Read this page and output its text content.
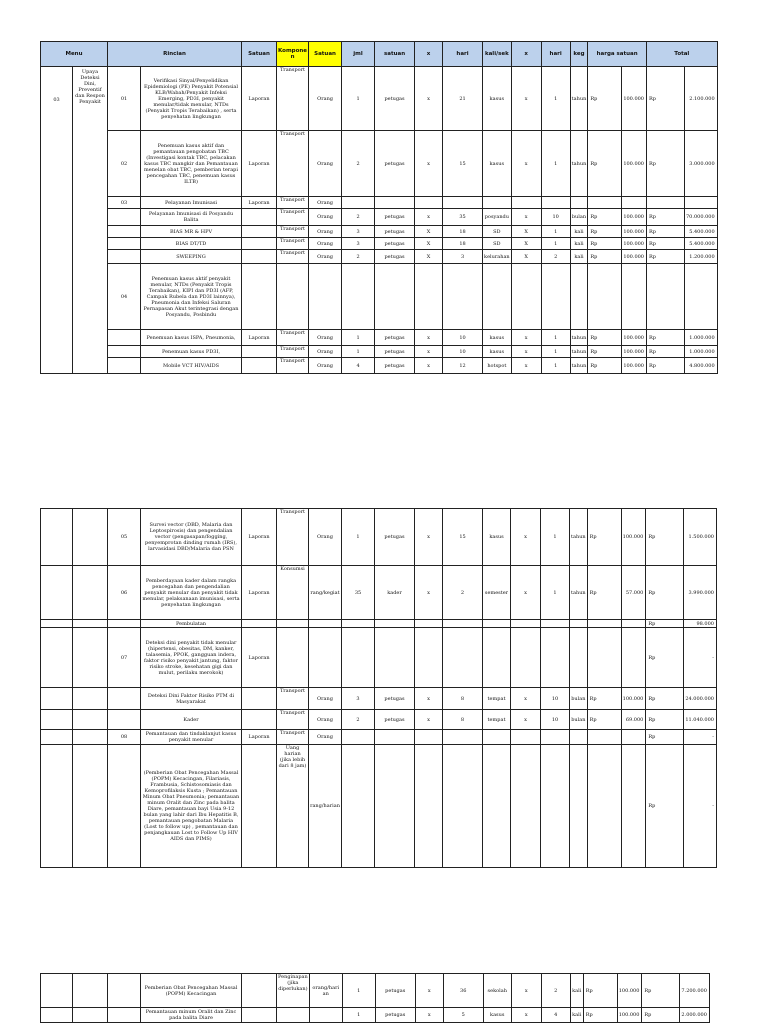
Menu		Rincian		Satuan	Kompone n	Satuan	jml	satuan	x	hari	kali/sek	x	hari	keg	harga satuan		Total	
03	Upaya Deteksi Dini, Preventif dan Respon Penyakit	01	Verifikasi Sinyal/Penyelidikan Epidemiologi (PE) Penyakit Potensial KLB/Wabah/Penyakit Infeksi Emerging, PD3I, penyakit menular/tidak menular, NTDs (Penyakit Tropis Terabaikan) , serta penyehatan lingkungan	Laporan	Transport	Orang	1	petugas	x	21	kasus	x	1	tahun	Rp	100.000	Rp	2.100.000
		02	Penemuan kasus aktif dan pemantauan pengobatan TBC (Investigasi kontak TBC, pelacakan kasus TBC mangkir dan Pemantauan menelan obat TBC, pemberian terapi pencegahan TBC, penemuan kasus ILTB)	Laporan	Transport	Orang	2	petugas	x	15	kasus	x	1	tahun	Rp	100.000	Rp	3.000.000
		03	Pelayanan Imunisasi	Laporan	Transport	Orang												
			Pelayanan Imunisasi di Posyandu Balita		Transport	Orang	2	petugas	x	35	posyandu	x	10	bulan	Rp	100.000	Rp	70.000.000
			BIAS MR & HPV		Transport	Orang	3	petugas	X	18	SD	X	1	kali	Rp	100.000	Rp	5.400.000
			BIAS DT/TD		Transport	Orang	3	petugas	X	18	SD	X	1	kali	Rp	100.000	Rp	5.400.000
			SWEEPING		Transport	Orang	2	petugas	X	3	kelurahan	X	2	kali	Rp	100.000	Rp	1.200.000
		04	Penemuan kasus aktif penyakit menular, NTDs (Penyakit Tropis Terabaikan), KIPI dan PD3I (AFP, Campak Rubela dan PD3I lainnya), Pneumonia dan Infeksi Saluran Pernapasan Akut terintegrasi dengan Posyandu, Posbindu															
			Penemuan kasus ISPA, Pneumonia,	Laporan	Transport	Orang	1	petugas	x	10	kasus	x	1	tahun	Rp	100.000	Rp	1.000.000
			Penemuan kasus PD3I,		Transport	Orang	1	petugas	x	10	kasus	x	1	tahun	Rp	100.000	Rp	1.000.000
			Mobile VCT HIV/AIDS		Transport	Orang	4	petugas	x	12	hotspot	x	1	tahun	Rp	100.000	Rp	4.800.000
		05	Survei vector (DBD, Malaria dan Leptospirosis) dan pengendalian vector (pengasapan/fogging, penyemprotan dinding rumah (IRS), larvasidasi DBD/Malaria dan PSN	Laporan	Transport	Orang	1	petugas	x	15	kasus	x	1	tahun	Rp	100.000	Rp	1.500.000
		06	Pemberdayaan kader dalam rangka pencegahan dan pengendalian penyakit menular dan penyakit tidak menular, pelaksanaan imunisasi, serta penyehatan lingkungan	Laporan	Konsumsi	rang/kegiat	35	kader	x	2	semester	x	1	tahun	Rp	57.000	Rp	3.990.000
			Pembulatan														Rp	98.000
		07	Deteksi dini penyakit tidak menular (hipertensi, obesitas, DM, kanker, talasemia, PPOK, gangguan indera, faktor risiko penyakit jantung, faktor risiko stroke, kesehatan gigi dan mulut, perilaku merokok)	Laporan													Rp	-
			Deteksi Dini Faktor Risiko PTM di Masyarakat		Transport	Orang	3	petugas	x	8	tempat	x	10	bulan	Rp	100.000	Rp	24.000.000
			Kader		Transport	Orang	2	petugas	x	8	tempat	x	10	bulan	Rp	69.000	Rp	11.040.000
		08	Pemantauan dan tindaklanjut kasus penyakit menular	Laporan	Transport	Orang											Rp	-
			(Pemberian Obat Pencegahan Massal (POPM) Kecacingan, Filariasis, Frambusia, Schistosomiasis dan Kemoprofilaksis Kusta ; Pemantauan Minum Obat Pneumonia; pemantauan minum Oralit dan Zinc pada balita Diare, pemantauan bayi Usia 9-12 bulan yang lahir dari Ibu Hepatitis B, pemantauan pengobatan Malaria (Lost to follow up) , pemantauan dan penjangkauan Lost to Follow Up HIV AIDS dan PIMS)		Uang harian (jika lebih dari 8 jam)	rang/harian											Rp	-
			Pemberian Obat Pencegahan Massal (POPM) Kecacingan		Penginapan (jika diperlukan)	orang/hari an	1	petugas	x	36	sekolah	x	2	kali	Rp	100.000	Rp	7.200.000
			Pemantauan minum Oralit dan Zinc pada balita Diare				1	petugas	x	5	kasus	x	4	kali	Rp	100.000	Rp	2.000.000
